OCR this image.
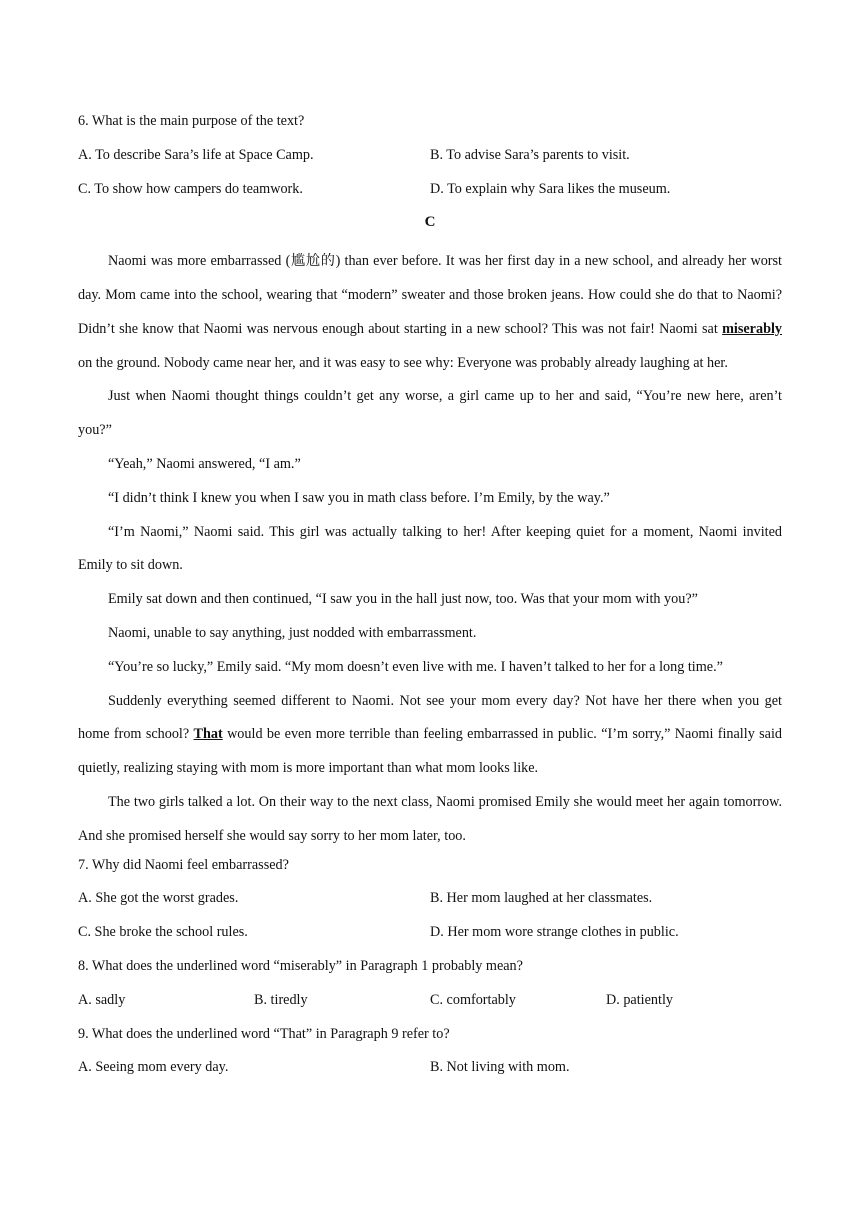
6. What is the main purpose of the text?
A. To describe Sara’s life at Space Camp.	B. To advise Sara’s parents to visit.
C. To show how campers do teamwork.	D. To explain why Sara likes the museum.
C

Naomi was more embarrassed (尴尬的) than ever before. It was her first day in a new school, and already her worst day. Mom came into the school, wearing that “modern” sweater and those broken jeans. How could she do that to Naomi? Didn’t she know that Naomi was nervous enough about starting in a new school? This was not fair! Naomi sat miserably on the ground. Nobody came near her, and it was easy to see why: Everyone was probably already laughing at her.

Just when Naomi thought things couldn’t get any worse, a girl came up to her and said, “You’re new here, aren’t you?”

“Yeah,” Naomi answered, “I am.”

“I didn’t think I knew you when I saw you in math class before. I’m Emily, by the way.”

“I’m Naomi,” Naomi said. This girl was actually talking to her! After keeping quiet for a moment, Naomi invited Emily to sit down.

Emily sat down and then continued, “I saw you in the hall just now, too. Was that your mom with you?”

Naomi, unable to say anything, just nodded with embarrassment.

“You’re so lucky,” Emily said. “My mom doesn’t even live with me. I haven’t talked to her for a long time.”

Suddenly everything seemed different to Naomi. Not see your mom every day? Not have her there when you get home from school? That would be even more terrible than feeling embarrassed in public. “I’m sorry,” Naomi finally said quietly, realizing staying with mom is more important than what mom looks like.

The two girls talked a lot. On their way to the next class, Naomi promised Emily she would meet her again tomorrow. And she promised herself she would say sorry to her mom later, too.

7. Why did Naomi feel embarrassed?
A. She got the worst grades.	B. Her mom laughed at her classmates.
C. She broke the school rules.	D. Her mom wore strange clothes in public.
8. What does the underlined word “miserably” in Paragraph 1 probably mean?
A. sadly	B. tiredly	C. comfortably	D. patiently
9. What does the underlined word “That” in Paragraph 9 refer to?
A. Seeing mom every day.	B. Not living with mom.
